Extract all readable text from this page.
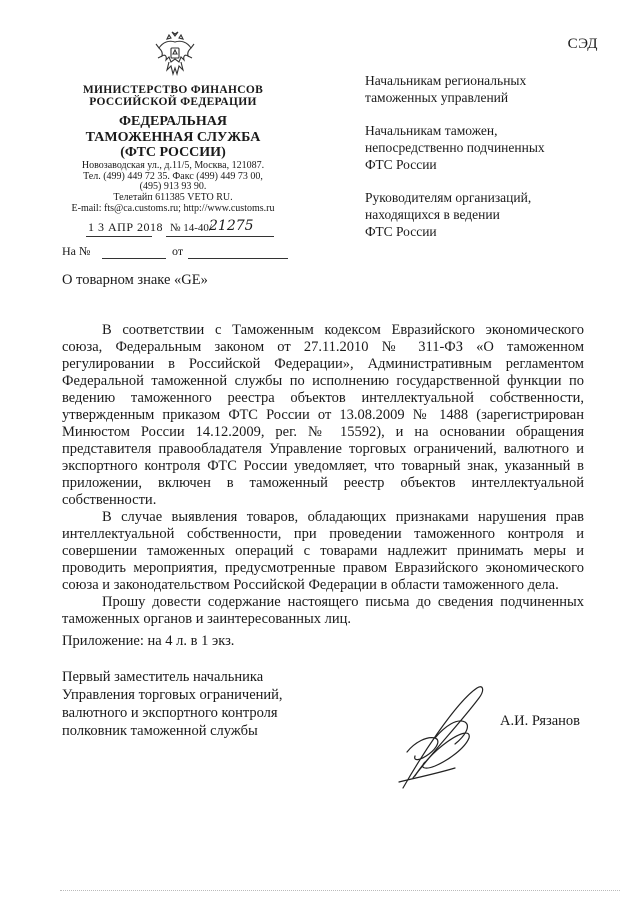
СЭД
МИНИСТЕРСТВО ФИНАНСОВ
РОССИЙСКОЙ ФЕДЕРАЦИИ
ФЕДЕРАЛЬНАЯ
ТАМОЖЕННАЯ СЛУЖБА
(ФТС РОССИИ)
Новозаводская ул., д.11/5, Москва, 121087.
Тел. (499) 449 72 35. Факс (499) 449 73 00,
(495) 913 93 90.
Телетайп 611385 VETO RU.
E-mail: fts@ca.customs.ru; http://www.customs.ru
1 3 АПР 2018 № 14-40/
21275
На №	от

Начальникам региональных
таможенных управлений

Начальникам таможен,
непосредственно подчиненных
ФТС России

Руководителям организаций,
находящихся в ведении
ФТС России

О товарном знаке «GE»

В соответствии с Таможенным кодексом Евразийского экономического союза, Федеральным законом от 27.11.2010 № 311-ФЗ «О таможенном регулировании в Российской Федерации», Административным регламентом Федеральной таможенной службы по исполнению государственной функции по ведению таможенного реестра объектов интеллектуальной собственности, утвержденным приказом ФТС России от 13.08.2009 № 1488 (зарегистрирован Минюстом России 14.12.2009, рег. № 15592), и на основании обращения представителя правообладателя Управление торговых ограничений, валютного и экспортного контроля ФТС России уведомляет, что товарный знак, указанный в приложении, включен в таможенный реестр объектов интеллектуальной собственности.

В случае выявления товаров, обладающих признаками нарушения прав интеллектуальной собственности, при проведении таможенного контроля и совершении таможенных операций с товарами надлежит принимать меры и проводить мероприятия, предусмотренные правом Евразийского экономического союза и законодательством Российской Федерации в области таможенного дела.

Прошу довести содержание настоящего письма до сведения подчиненных таможенных органов и заинтересованных лиц.

Приложение: на 4 л. в 1 экз.
Первый заместитель начальника
Управления торговых ограничений,
валютного и экспортного контроля
полковник таможенной службы
А.И. Рязанов
